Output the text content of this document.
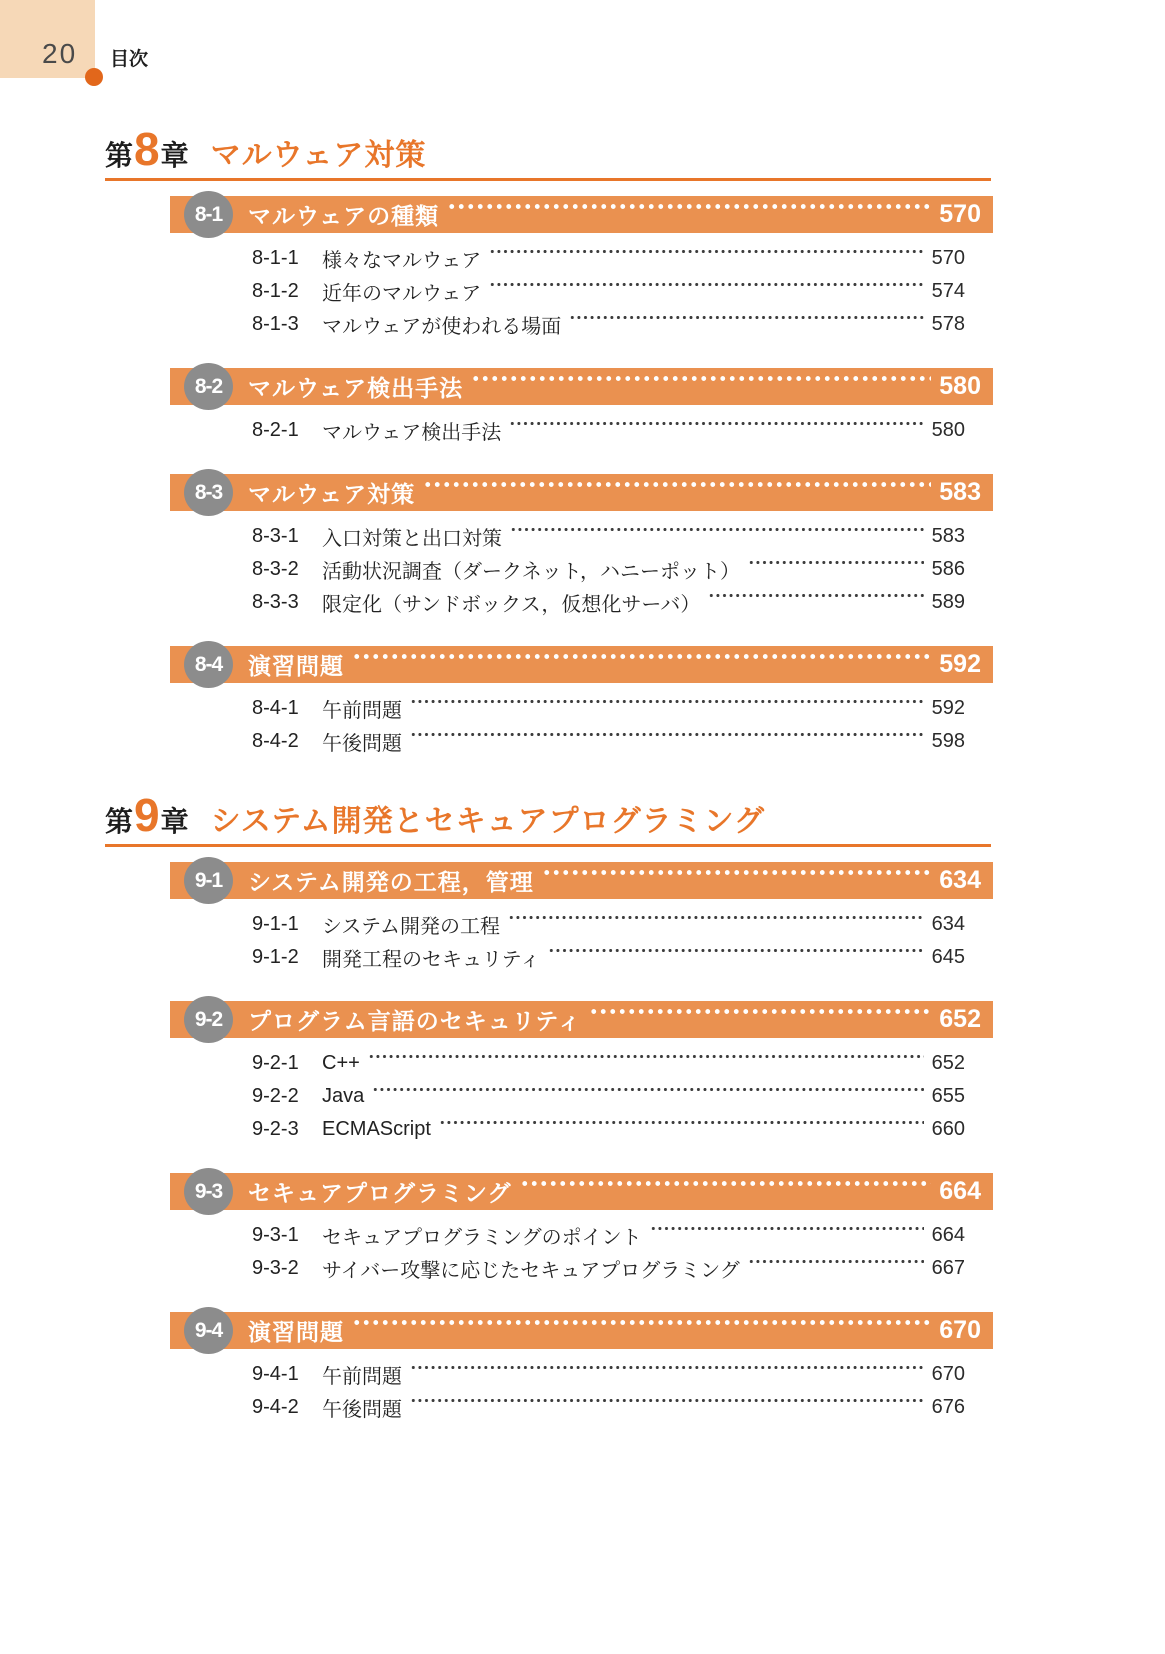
20 目次
第 8 章 マルウェア対策
8-1 マルウェアの種類	570
8-1-1	様々なマルウェア	570
8-1-2	近年のマルウェア	574
8-1-3	マルウェアが使われる場面	578
8-2 マルウェア検出手法	580
8-2-1	マルウェア検出手法	580
8-3 マルウェア対策	583
8-3-1	入口対策と出口対策	583
8-3-2	活動状況調査（ダークネット，ハニーポット）	586
8-3-3	限定化（サンドボックス，仮想化サーバ）	589
8-4 演習問題	592
8-4-1	午前問題	592
8-4-2	午後問題	598
第 9 章 システム開発とセキュアプログラミング
9-1 システム開発の工程，管理	634
9-1-1	システム開発の工程	634
9-1-2	開発工程のセキュリティ	645
9-2 プログラム言語のセキュリティ	652
9-2-1	C++	652
9-2-2	Java	655
9-2-3	ECMAScript	660
9-3 セキュアプログラミング	664
9-3-1	セキュアプログラミングのポイント	664
9-3-2	サイバー攻撃に応じたセキュアプログラミング	667
9-4 演習問題	670
9-4-1	午前問題	670
9-4-2	午後問題	676
